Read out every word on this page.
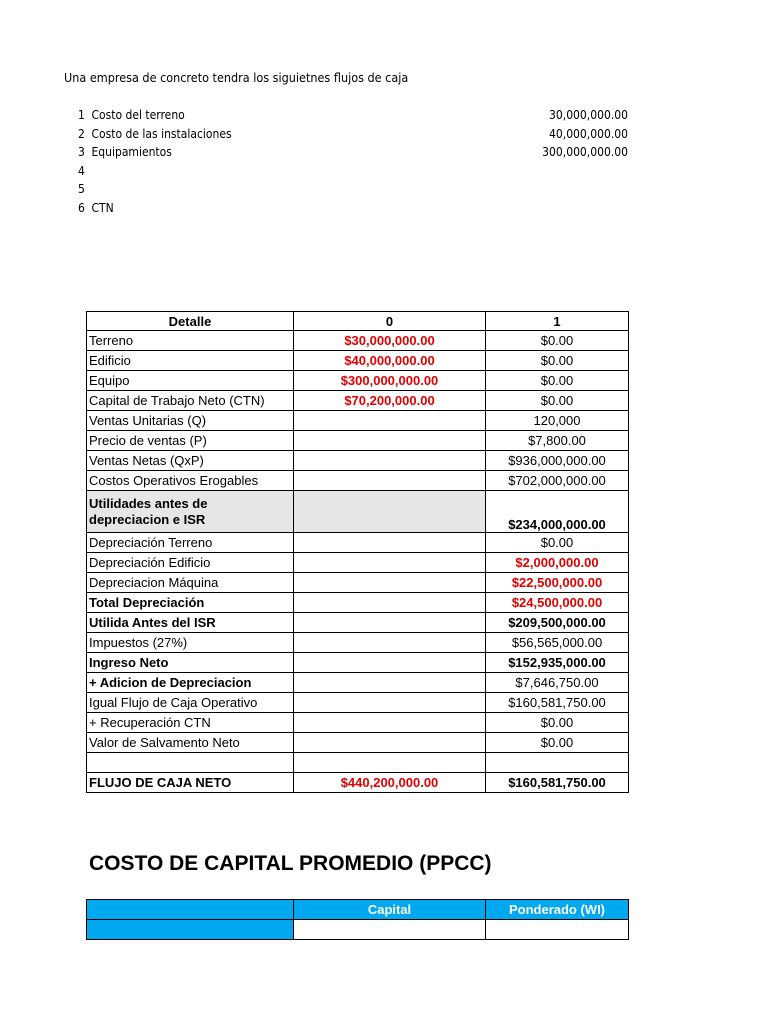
Una empresa de concreto tendra los siguietnes flujos de caja
1 Costo del terreno	30,000,000.00
2 Costo de las instalaciones	40,000,000.00
3 Equipamientos	300,000,000.00
4
5
6 CTN
Detalle	0	1
Terreno	$30,000,000.00	$0.00
Edificio	$40,000,000.00	$0.00
Equipo	$300,000,000.00	$0.00
Capital de Trabajo Neto (CTN)	$70,200,000.00	$0.00
Ventas Unitarias (Q)		120,000
Precio de ventas (P)		$7,800.00
Ventas Netas (QxP)		$936,000,000.00
Costos Operativos Erogables		$702,000,000.00
Utilidades antes de depreciacion e ISR		$234,000,000.00
Depreciación Terreno		$0.00
Depreciación Edificio		$2,000,000.00
Depreciacion Máquina		$22,500,000.00
Total Depreciación		$24,500,000.00
Utilida Antes del ISR		$209,500,000.00
Impuestos (27%)		$56,565,000.00
Ingreso Neto		$152,935,000.00
+ Adicion de Depreciacion		$7,646,750.00
Igual Flujo de Caja Operativo		$160,581,750.00
+ Recuperación CTN		$0.00
Valor de Salvamento Neto		$0.00

FLUJO DE CAJA NETO	$440,200,000.00	$160,581,750.00
COSTO DE CAPITAL PROMEDIO (PPCC)
	Capital	Ponderado (WI)
